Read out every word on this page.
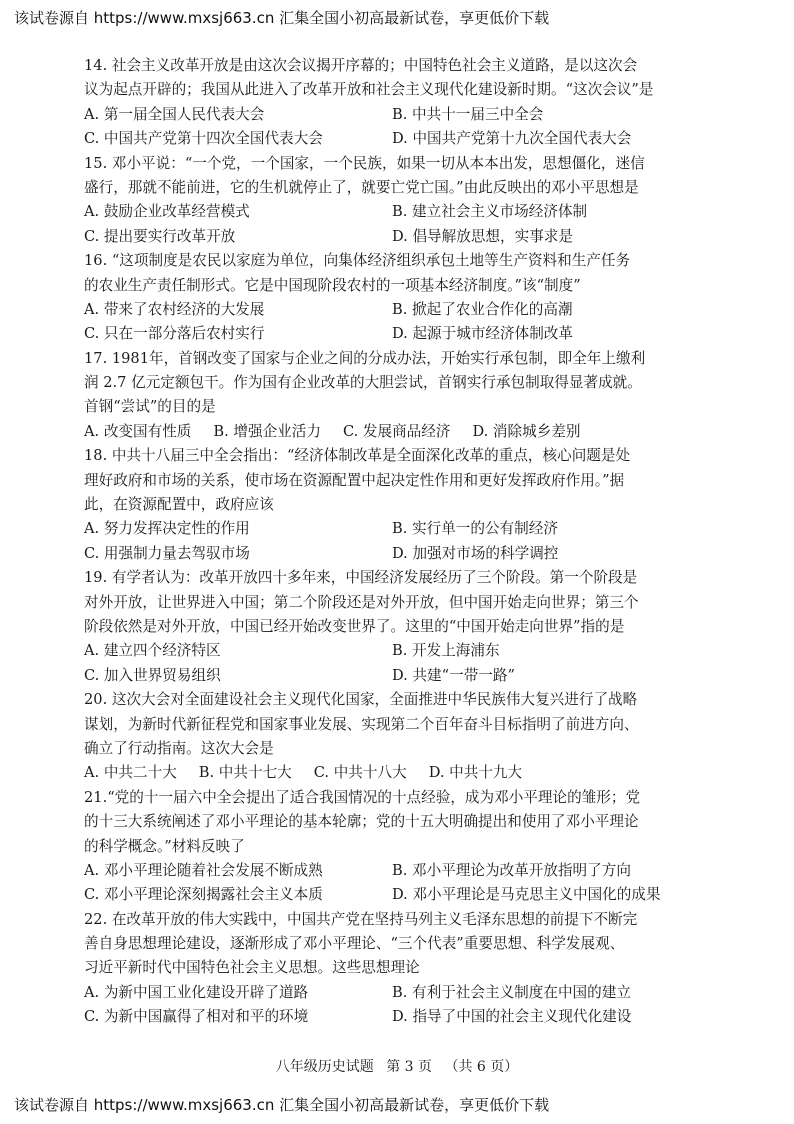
该试卷源自 https://www.mxsj663.cn 汇集全国小初高最新试卷，享更低价下载
14. 社会主义改革开放是由这次会议揭开序幕的；中国特色社会主义道路，是以这次会
议为起点开辟的；我国从此进入了改革开放和社会主义现代化建设新时期。“这次会议”是
A. 第一届全国人民代表大会	B. 中共十一届三中全会
C. 中国共产党第十四次全国代表大会	D. 中国共产党第十九次全国代表大会
15. 邓小平说：“一个党，一个国家，一个民族，如果一切从本本出发，思想僵化，迷信
盛行，那就不能前进，它的生机就停止了，就要亡党亡国。”由此反映出的邓小平思想是
A. 鼓励企业改革经营模式	B. 建立社会主义市场经济体制
C. 提出要实行改革开放	D. 倡导解放思想，实事求是
16. “这项制度是农民以家庭为单位，向集体经济组织承包土地等生产资料和生产任务
的农业生产责任制形式。它是中国现阶段农村的一项基本经济制度。”该“制度”
A. 带来了农村经济的大发展	B. 掀起了农业合作化的高潮
C. 只在一部分落后农村实行	D. 起源于城市经济体制改革
17. 1981年，首钢改变了国家与企业之间的分成办法，开始实行承包制，即全年上缴利
润 2.7 亿元定额包干。作为国有企业改革的大胆尝试，首钢实行承包制取得显著成就。
首钢“尝试”的目的是
A. 改变国有性质 B. 增强企业活力 C. 发展商品经济 D. 消除城乡差别
18. 中共十八届三中全会指出：“经济体制改革是全面深化改革的重点，核心问题是处
理好政府和市场的关系，使市场在资源配置中起决定性作用和更好发挥政府作用。”据
此，在资源配置中，政府应该
A. 努力发挥决定性的作用	B. 实行单一的公有制经济
C. 用强制力量去驾驭市场	D. 加强对市场的科学调控
19. 有学者认为：改革开放四十多年来，中国经济发展经历了三个阶段。第一个阶段是
对外开放，让世界进入中国；第二个阶段还是对外开放，但中国开始走向世界；第三个
阶段依然是对外开放，中国已经开始改变世界了。这里的“中国开始走向世界”指的是
A. 建立四个经济特区	B. 开发上海浦东
C. 加入世界贸易组织	D. 共建“一带一路”
20. 这次大会对全面建设社会主义现代化国家，全面推进中华民族伟大复兴进行了战略
谋划，为新时代新征程党和国家事业发展、实现第二个百年奋斗目标指明了前进方向、
确立了行动指南。这次大会是
A. 中共二十大 B. 中共十七大 C. 中共十八大 D. 中共十九大
21.“党的十一届六中全会提出了适合我国情况的十点经验，成为邓小平理论的雏形；党
的十三大系统阐述了邓小平理论的基本轮廓；党的十五大明确提出和使用了邓小平理论
的科学概念。”材料反映了
A. 邓小平理论随着社会发展不断成熟	B. 邓小平理论为改革开放指明了方向
C. 邓小平理论深刻揭露社会主义本质	D. 邓小平理论是马克思主义中国化的成果
22. 在改革开放的伟大实践中，中国共产党在坚持马列主义毛泽东思想的前提下不断完
善自身思想理论建设，逐渐形成了邓小平理论、“三个代表”重要思想、科学发展观、
习近平新时代中国特色社会主义思想。这些思想理论
A. 为新中国工业化建设开辟了道路	B. 有利于社会主义制度在中国的建立
C. 为新中国赢得了相对和平的环境	D. 指导了中国的社会主义现代化建设
八年级历史试题 第 3 页 （共 6 页）
该试卷源自 https://www.mxsj663.cn 汇集全国小初高最新试卷，享更低价下载
